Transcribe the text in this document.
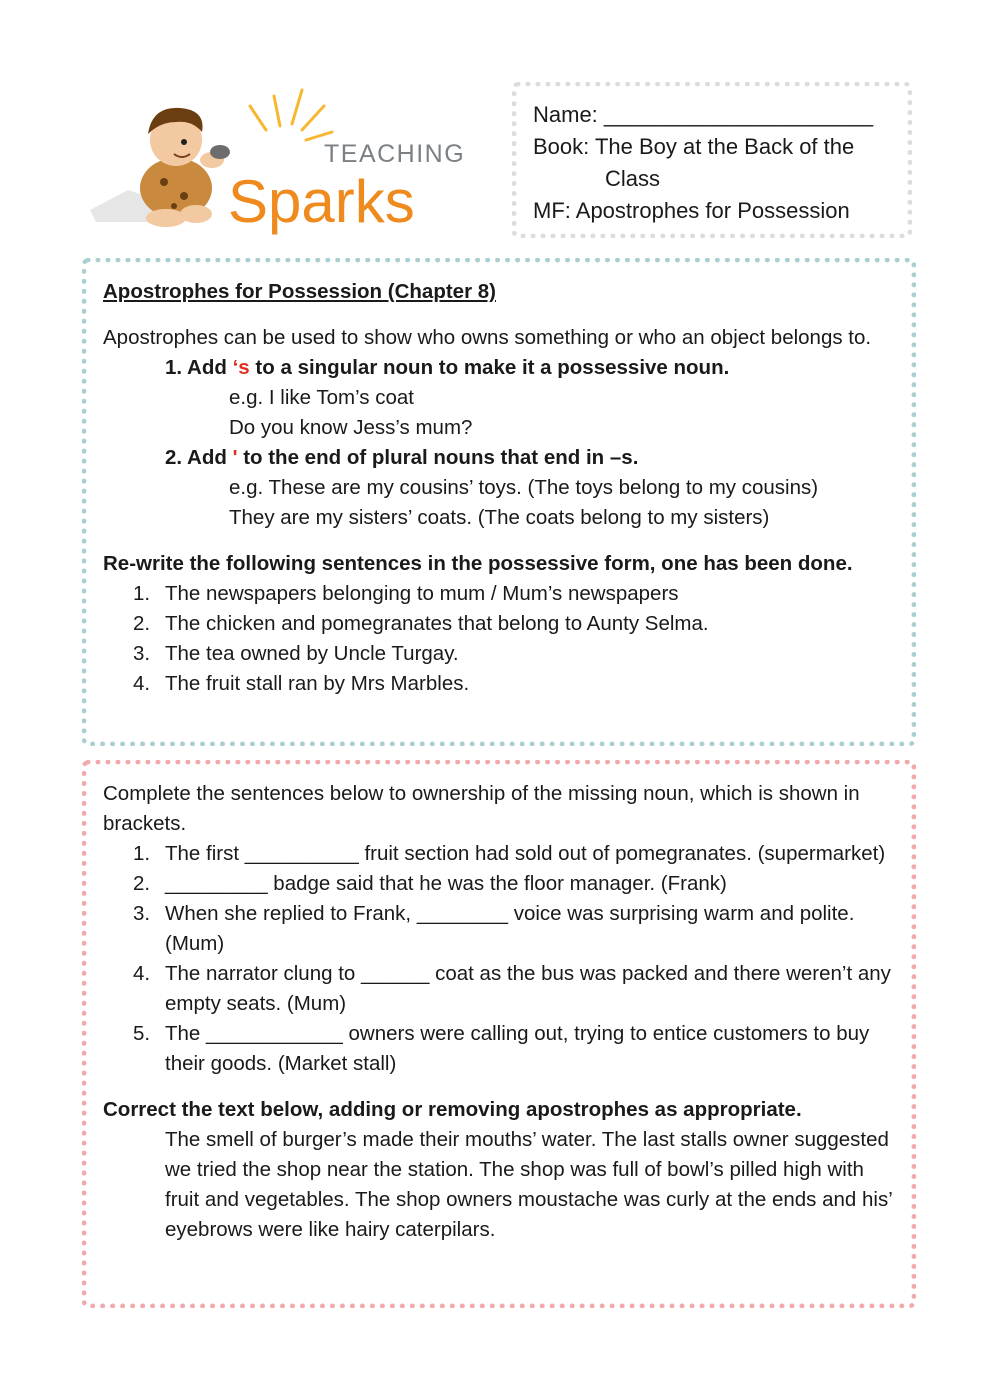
TEACHING
Sparks
Name: ______________________
Book: The Boy at the Back of the
Class
MF: Apostrophes for Possession
Apostrophes for Possession (Chapter 8)
Apostrophes can be used to show who owns something or who an object belongs to.
1. Add ‘s to a singular noun to make it a possessive noun.
e.g. I like Tom’s coat
Do you know Jess’s mum?
2. Add ' to the end of plural nouns that end in –s.
e.g. These are my cousins’ toys. (The toys belong to my cousins)
They are my sisters’ coats. (The coats belong to my sisters)
Re-write the following sentences in the possessive form, one has been done.
1. The newspapers belonging to mum / Mum’s newspapers
2. The chicken and pomegranates that belong to Aunty Selma.
3. The tea owned by Uncle Turgay.
4. The fruit stall ran by Mrs Marbles.
Complete the sentences below to ownership of the missing noun, which is shown in brackets.
1. The first __________ fruit section had sold out of pomegranates. (supermarket)
2. _________ badge said that he was the floor manager. (Frank)
3. When she replied to Frank, ________ voice was surprising warm and polite. (Mum)
4. The narrator clung to ______ coat as the bus was packed and there weren’t any empty seats. (Mum)
5. The ____________ owners were calling out, trying to entice customers to buy their goods. (Market stall)
Correct the text below, adding or removing apostrophes as appropriate.
The smell of burger’s made their mouths’ water. The last stalls owner suggested we tried the shop near the station. The shop was full of bowl’s pilled high with fruit and vegetables. The shop owners moustache was curly at the ends and his’ eyebrows were like hairy caterpilars.
